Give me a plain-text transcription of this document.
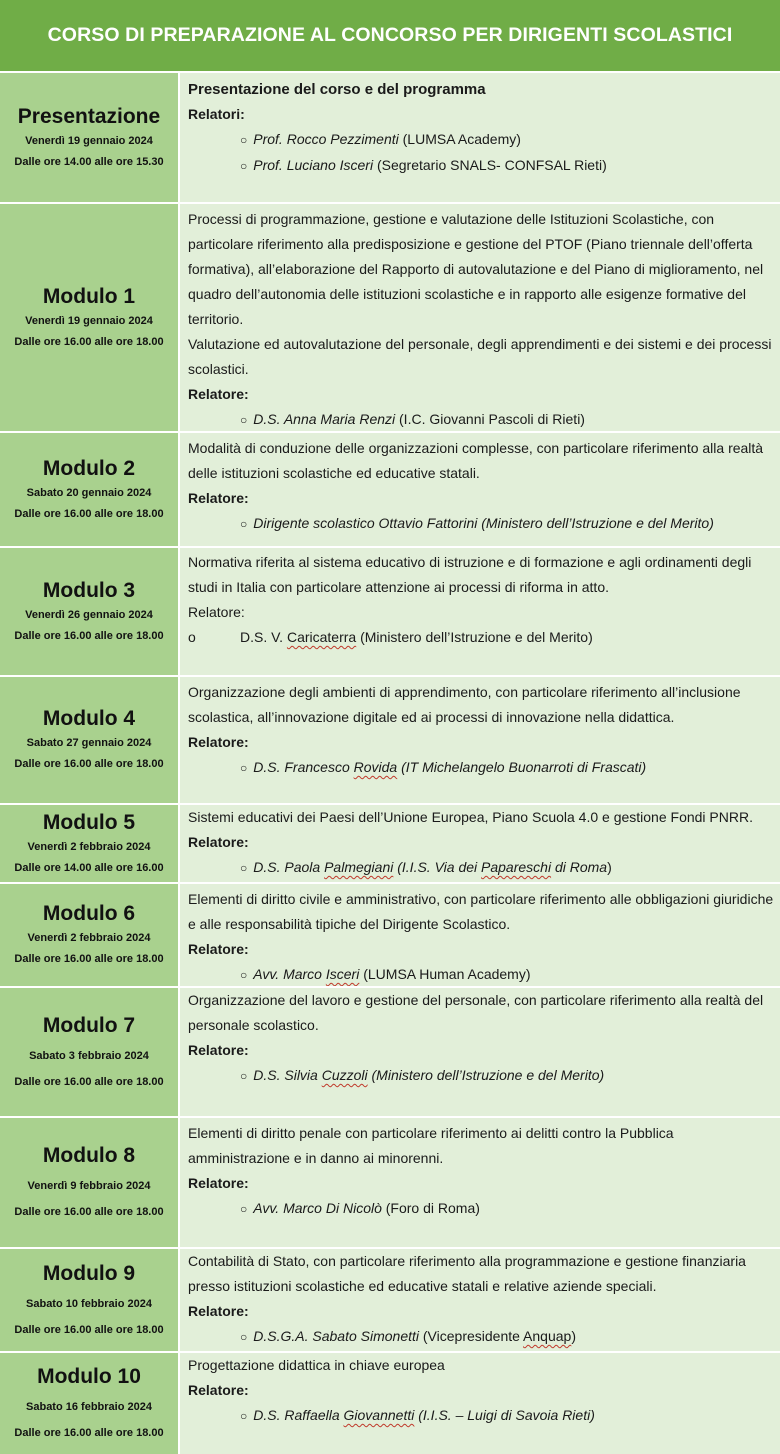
CORSO DI PREPARAZIONE AL CONCORSO PER DIRIGENTI SCOLASTICI
Presentazione
Venerdì 19 gennaio 2024
Dalle ore 14.00 alle ore 15.30
Presentazione del corso e del programma
Relatori:
○ Prof. Rocco Pezzimenti (LUMSA Academy)
○ Prof. Luciano Isceri (Segretario SNALS- CONFSAL Rieti)
Modulo 1
Venerdì 19 gennaio 2024
Dalle ore 16.00 alle ore 18.00
Processi di programmazione, gestione e valutazione delle Istituzioni Scolastiche, con particolare riferimento alla predisposizione e gestione del PTOF (Piano triennale dell’offerta formativa), all’elaborazione del Rapporto di autovalutazione e del Piano di miglioramento, nel quadro dell’autonomia delle istituzioni scolastiche e in rapporto alle esigenze formative del territorio.
Valutazione ed autovalutazione del personale, degli apprendimenti e dei sistemi e dei processi scolastici.
Relatore:
○ D.S. Anna Maria Renzi (I.C. Giovanni Pascoli di Rieti)
Modulo 2
Sabato 20 gennaio 2024
Dalle ore 16.00 alle ore 18.00
Modalità di conduzione delle organizzazioni complesse, con particolare riferimento alla realtà delle istituzioni scolastiche ed educative statali.
Relatore:
○ Dirigente scolastico Ottavio Fattorini (Ministero dell’Istruzione e del Merito)
Modulo 3
Venerdì 26 gennaio 2024
Dalle ore 16.00 alle ore 18.00
Normativa riferita al sistema educativo di istruzione e di formazione e agli ordinamenti degli studi in Italia con particolare attenzione ai processi di riforma in atto.
Relatore:
o	D.S. V. Caricaterra (Ministero dell’Istruzione e del Merito)
Modulo 4
Sabato 27 gennaio 2024
Dalle ore 16.00 alle ore 18.00
Organizzazione degli ambienti di apprendimento, con particolare riferimento all’inclusione scolastica, all’innovazione digitale ed ai processi di innovazione nella didattica.
Relatore:
○ D.S. Francesco Rovida (IT Michelangelo Buonarroti di Frascati)
Modulo 5
Venerdì 2 febbraio 2024
Dalle ore 14.00 alle ore 16.00
Sistemi educativi dei Paesi dell’Unione Europea, Piano Scuola 4.0 e gestione Fondi PNRR.
Relatore:
○ D.S. Paola Palmegiani (I.I.S. Via dei Papareschi di Roma)
Modulo 6
Venerdì 2 febbraio 2024
Dalle ore 16.00 alle ore 18.00
Elementi di diritto civile e amministrativo, con particolare riferimento alle obbligazioni giuridiche e alle responsabilità tipiche del Dirigente Scolastico.
Relatore:
○ Avv. Marco Isceri (LUMSA Human Academy)
Modulo 7
Sabato 3 febbraio 2024
Dalle ore 16.00 alle ore 18.00
Organizzazione del lavoro e gestione del personale, con particolare riferimento alla realtà del personale scolastico.
Relatore:
○ D.S. Silvia Cuzzoli (Ministero dell’Istruzione e del Merito)
Modulo 8
Venerdì 9 febbraio 2024
Dalle ore 16.00 alle ore 18.00
Elementi di diritto penale con particolare riferimento ai delitti contro la Pubblica amministrazione e in danno ai minorenni.
Relatore:
○ Avv. Marco Di Nicolò (Foro di Roma)
Modulo 9
Sabato 10 febbraio 2024
Dalle ore 16.00 alle ore 18.00
Contabilità di Stato, con particolare riferimento alla programmazione e gestione finanziaria presso istituzioni scolastiche ed educative statali e relative aziende speciali.
Relatore:
○ D.S.G.A. Sabato Simonetti (Vicepresidente Anquap)
Modulo 10
Sabato 16 febbraio 2024
Dalle ore 16.00 alle ore 18.00
Progettazione didattica in chiave europea
Relatore:
○ D.S. Raffaella Giovannetti (I.I.S. – Luigi di Savoia Rieti)
